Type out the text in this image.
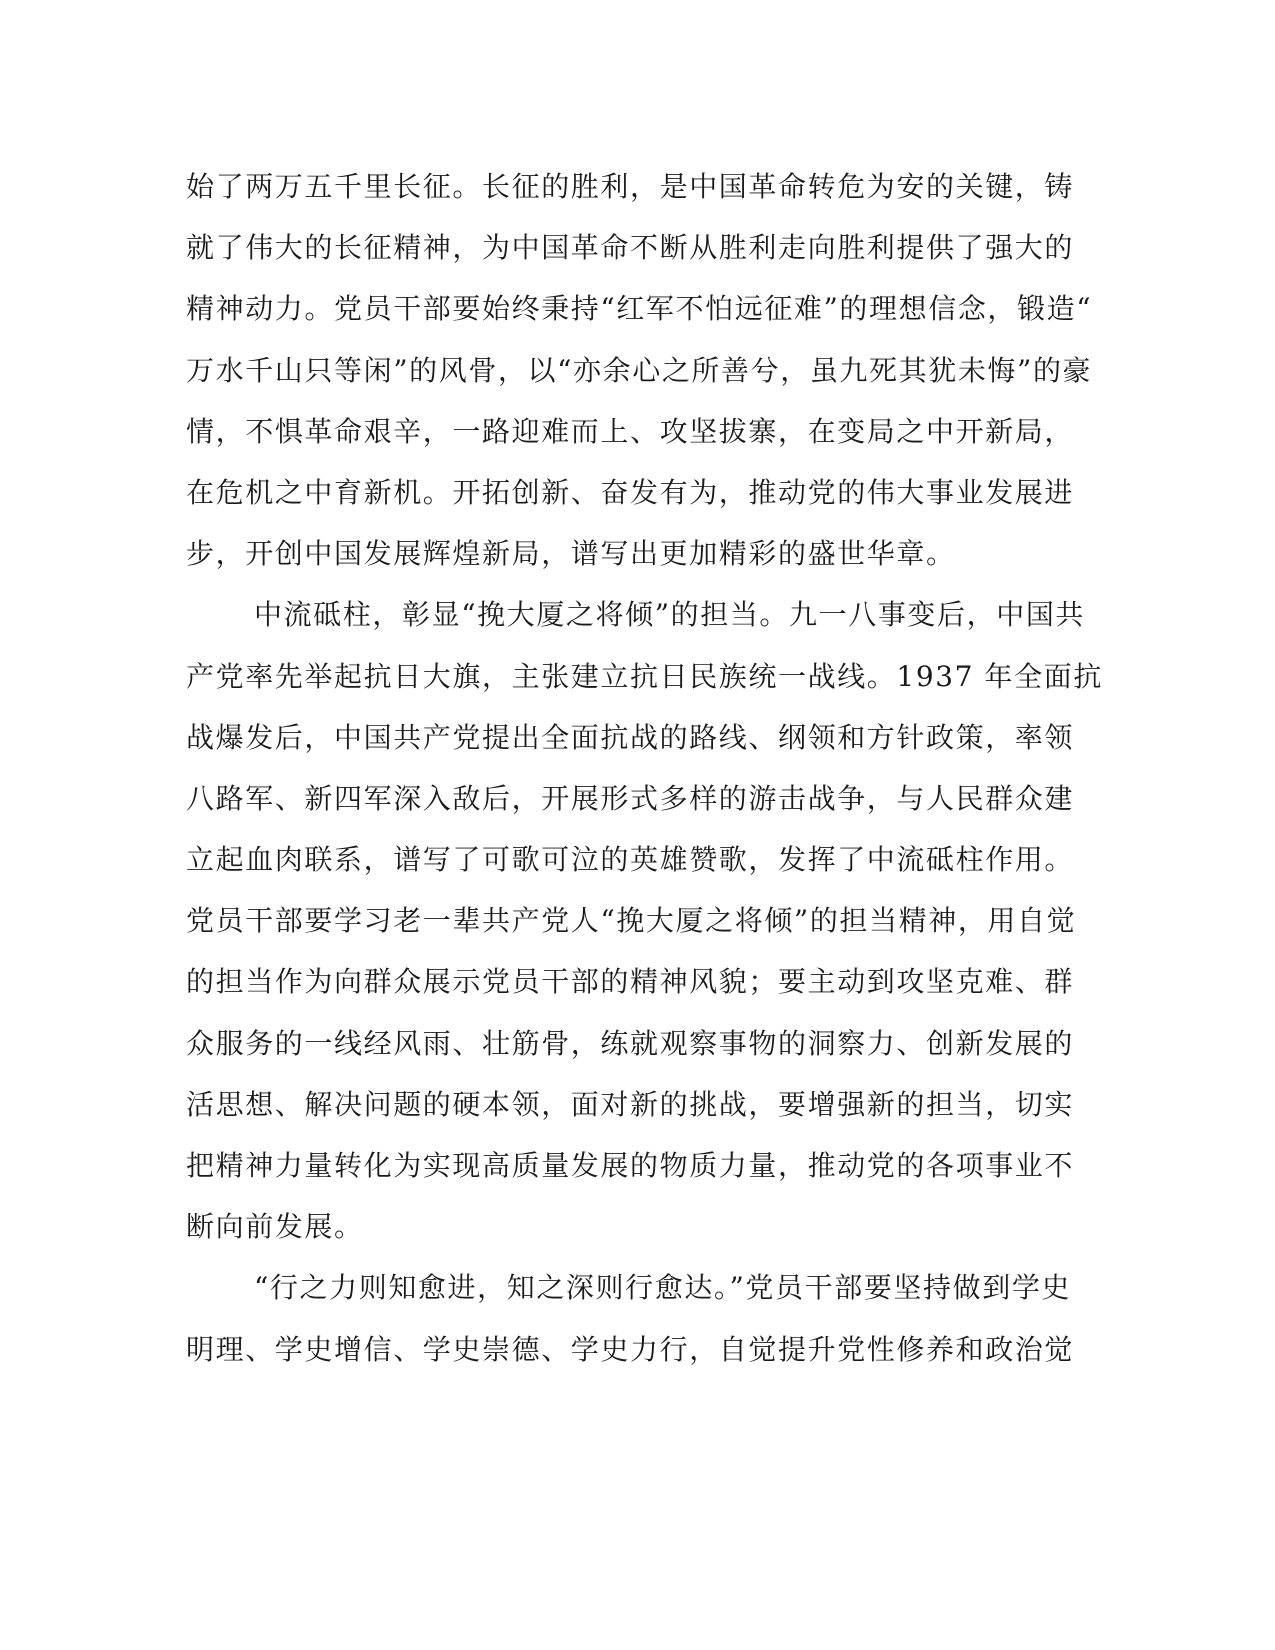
始了两万五千里长征。长征的胜利，是中国革命转危为安的关键，铸
就了伟大的长征精神，为中国革命不断从胜利走向胜利提供了强大的
精神动力。党员干部要始终秉持“红军不怕远征难”的理想信念，锻造“
万水千山只等闲”的风骨，以“亦余心之所善兮，虽九死其犹未悔”的豪
情，不惧革命艰辛，一路迎难而上、攻坚拔寨，在变局之中开新局，
在危机之中育新机。开拓创新、奋发有为，推动党的伟大事业发展进
步，开创中国发展辉煌新局，谱写出更加精彩的盛世华章。
中流砥柱，彰显“挽大厦之将倾”的担当。九一八事变后，中国共
产党率先举起抗日大旗，主张建立抗日民族统一战线。1937 年全面抗
战爆发后，中国共产党提出全面抗战的路线、纲领和方针政策，率领
八路军、新四军深入敌后，开展形式多样的游击战争，与人民群众建
立起血肉联系，谱写了可歌可泣的英雄赞歌，发挥了中流砥柱作用。
党员干部要学习老一辈共产党人“挽大厦之将倾”的担当精神，用自觉
的担当作为向群众展示党员干部的精神风貌；要主动到攻坚克难、群
众服务的一线经风雨、壮筋骨，练就观察事物的洞察力、创新发展的
活思想、解决问题的硬本领，面对新的挑战，要增强新的担当，切实
把精神力量转化为实现高质量发展的物质力量，推动党的各项事业不
断向前发展。
“行之力则知愈进，知之深则行愈达。”党员干部要坚持做到学史
明理、学史增信、学史崇德、学史力行，自觉提升党性修养和政治觉
